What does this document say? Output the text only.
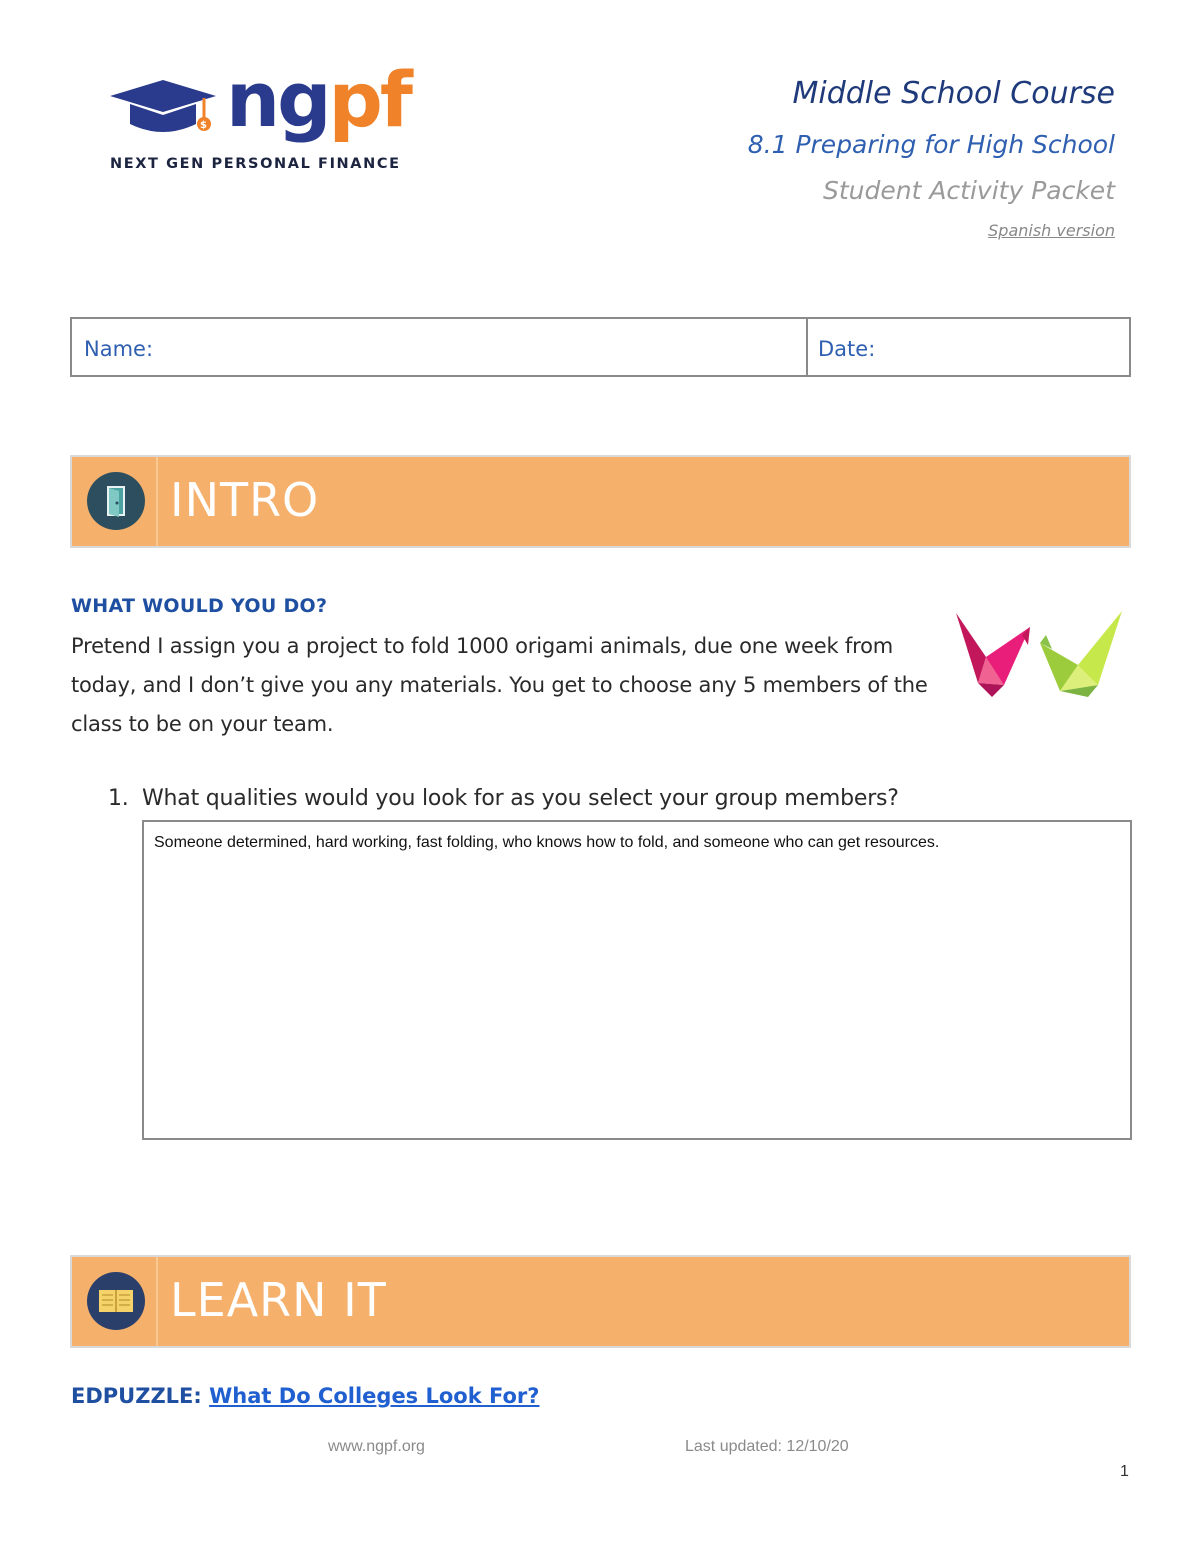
$ ngpf
NEXT GEN PERSONAL FINANCE
Middle School Course
8.1 Preparing for High School
Student Activity Packet
Spanish version
Name:	Date:
INTRO
WHAT WOULD YOU DO?
Pretend I assign you a project to fold 1000 origami animals, due one week from today, and I don’t give you any materials. You get to choose any 5 members of the class to be on your team.
1. What qualities would you look for as you select your group members?
Someone determined, hard working, fast folding, who knows how to fold, and someone who can get resources.
LEARN IT
EDPUZZLE: What Do Colleges Look For?
www.ngpf.org	Last updated: 12/10/20
1
